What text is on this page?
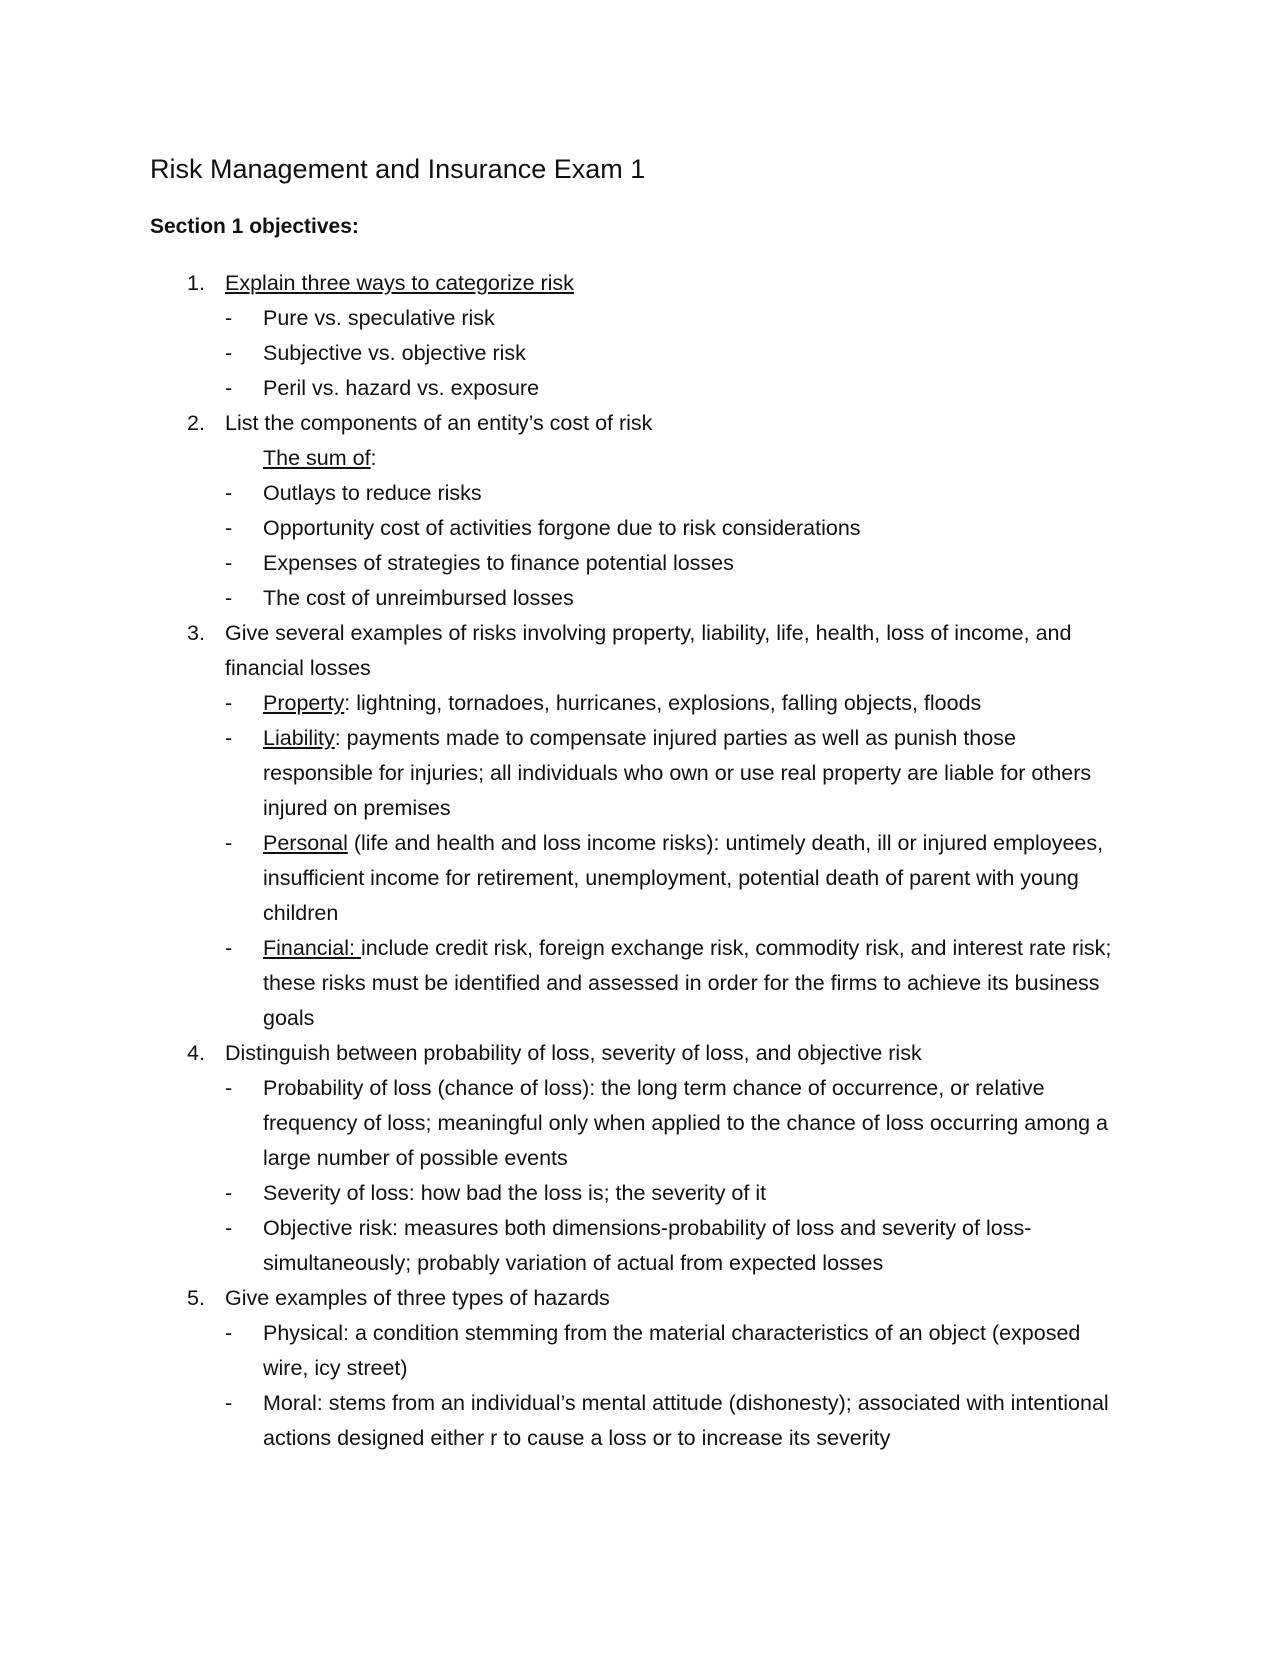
Risk Management and Insurance Exam 1
Section 1 objectives:
1. Explain three ways to categorize risk
- Pure vs. speculative risk
- Subjective vs. objective risk
- Peril vs. hazard vs. exposure
2. List the components of an entity’s cost of risk
The sum of:
- Outlays to reduce risks
- Opportunity cost of activities forgone due to risk considerations
- Expenses of strategies to finance potential losses
- The cost of unreimbursed losses
3. Give several examples of risks involving property, liability, life, health, loss of income, and financial losses
- Property: lightning, tornadoes, hurricanes, explosions, falling objects, floods
- Liability: payments made to compensate injured parties as well as punish those responsible for injuries; all individuals who own or use real property are liable for others injured on premises
- Personal (life and health and loss income risks): untimely death, ill or injured employees, insufficient income for retirement, unemployment, potential death of parent with young children
- Financial: include credit risk, foreign exchange risk, commodity risk, and interest rate risk; these risks must be identified and assessed in order for the firms to achieve its business goals
4. Distinguish between probability of loss, severity of loss, and objective risk
- Probability of loss (chance of loss): the long term chance of occurrence, or relative frequency of loss; meaningful only when applied to the chance of loss occurring among a large number of possible events
- Severity of loss: how bad the loss is; the severity of it
- Objective risk: measures both dimensions-probability of loss and severity of loss-simultaneously; probably variation of actual from expected losses
5. Give examples of three types of hazards
- Physical: a condition stemming from the material characteristics of an object (exposed wire, icy street)
- Moral: stems from an individual’s mental attitude (dishonesty); associated with intentional actions designed either r to cause a loss or to increase its severity
